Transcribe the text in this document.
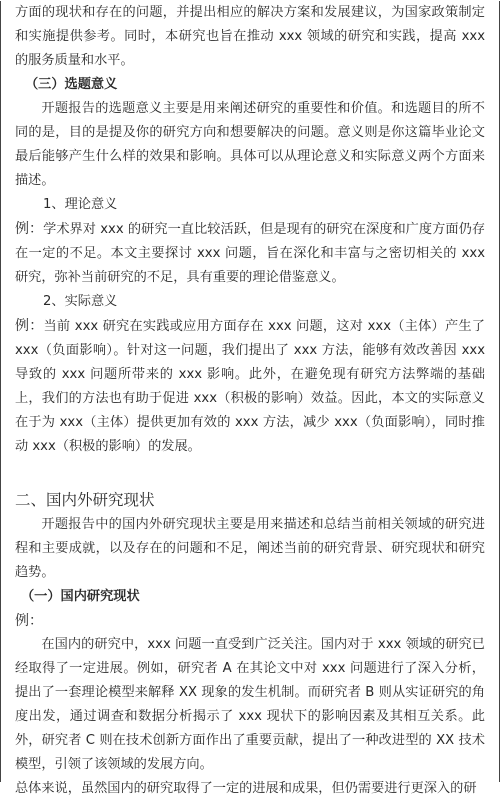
方面的现状和存在的问题，并提出相应的解决方案和发展建议，为国家政策制定和实施提供参考。同时，本研究也旨在推动 xxx 领域的研究和实践，提高 xxx 的服务质量和水平。

（三）选题意义

开题报告的选题意义主要是用来阐述研究的重要性和价值。和选题目的所不同的是，目的是提及你的研究方向和想要解决的问题。意义则是你这篇毕业论文最后能够产生什么样的效果和影响。具体可以从理论意义和实际意义两个方面来描述。

1、理论意义

例：学术界对 xxx 的研究一直比较活跃，但是现有的研究在深度和广度方面仍存在一定的不足。本文主要探讨 xxx 问题，旨在深化和丰富与之密切相关的 xxx 研究，弥补当前研究的不足，具有重要的理论借鉴意义。

2、实际意义

例：当前 xxx 研究在实践或应用方面存在 xxx 问题，这对 xxx（主体）产生了 xxx（负面影响）。针对这一问题，我们提出了 xxx 方法，能够有效改善因 xxx 导致的 xxx 问题所带来的 xxx 影响。此外，在避免现有研究方法弊端的基础上，我们的方法也有助于促进 xxx（积极的影响）效益。因此，本文的实际意义在于为 xxx（主体）提供更加有效的 xxx 方法，减少 xxx（负面影响），同时推动 xxx（积极的影响）的发展。

二、国内外研究现状

开题报告中的国内外研究现状主要是用来描述和总结当前相关领域的研究进程和主要成就，以及存在的问题和不足，阐述当前的研究背景、研究现状和研究趋势。

（一）国内研究现状

例：

在国内的研究中，xxx 问题一直受到广泛关注。国内对于 xxx 领域的研究已经取得了一定进展。例如，研究者 A 在其论文中对 xxx 问题进行了深入分析，提出了一套理论模型来解释 XX 现象的发生机制。而研究者 B 则从实证研究的角度出发，通过调查和数据分析揭示了 xxx 现状下的影响因素及其相互关系。此外，研究者 C 则在技术创新方面作出了重要贡献，提出了一种改进型的 XX 技术模型，引领了该领域的发展方向。

总体来说，虽然国内的研究取得了一定的进展和成果，但仍需要进行更深入的研
